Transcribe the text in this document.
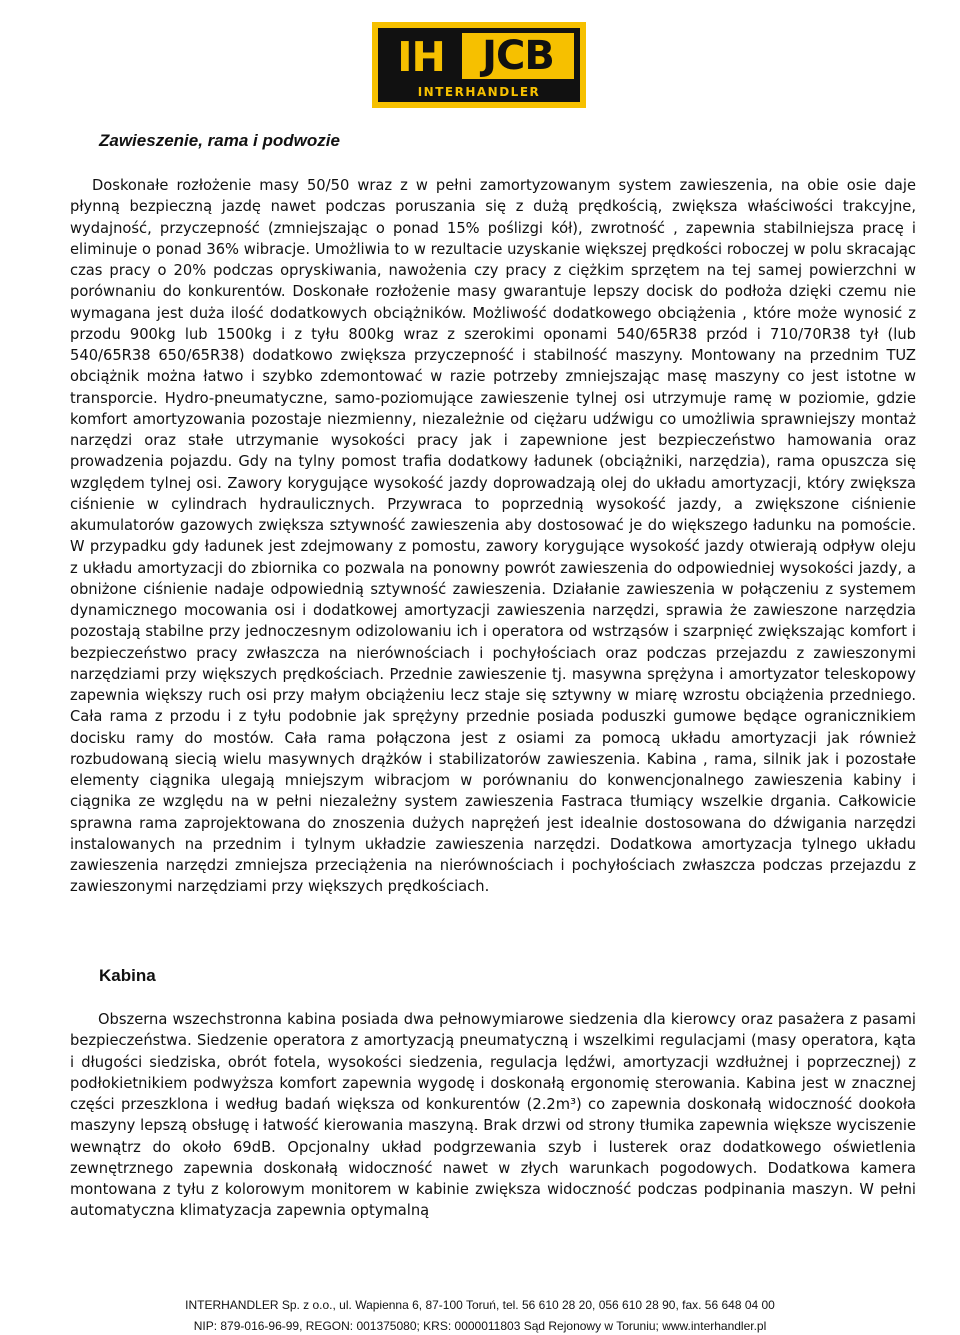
IH JCB
INTERHANDLER
Zawieszenie, rama i podwozie

Doskonałe rozłożenie masy 50/50 wraz z w pełni zamortyzowanym system zawieszenia, na obie osie daje płynną bezpieczną jazdę nawet podczas poruszania się z dużą prędkością, zwiększa właściwości trakcyjne, wydajność, przyczepność (zmniejszając o ponad 15% poślizgi kół), zwrotność , zapewnia stabilniejsza pracę i eliminuje o ponad 36% wibracje. Umożliwia to w rezultacie uzyskanie większej prędkości roboczej w polu skracając czas pracy o 20% podczas opryskiwania, nawożenia czy pracy z ciężkim sprzętem na tej samej powierzchni w porównaniu do konkurentów. Doskonałe rozłożenie masy gwarantuje lepszy docisk do podłoża dzięki czemu nie wymagana jest duża ilość dodatkowych obciążników. Możliwość dodatkowego obciążenia , które może wynosić z przodu 900kg lub 1500kg i z tyłu 800kg wraz z szerokimi oponami 540/65R38 przód i 710/70R38 tył (lub 540/65R38 650/65R38) dodatkowo zwiększa przyczepność i stabilność maszyny. Montowany na przednim TUZ obciążnik można łatwo i szybko zdemontować w razie potrzeby zmniejszając masę maszyny co jest istotne w transporcie. Hydro-pneumatyczne, samo-poziomujące zawieszenie tylnej osi utrzymuje ramę w poziomie, gdzie komfort amortyzowania pozostaje niezmienny, niezależnie od ciężaru udźwigu co umożliwia sprawniejszy montaż narzędzi oraz stałe utrzymanie wysokości pracy jak i zapewnione jest bezpieczeństwo hamowania oraz prowadzenia pojazdu. Gdy na tylny pomost trafia dodatkowy ładunek (obciążniki, narzędzia), rama opuszcza się względem tylnej osi. Zawory korygujące wysokość jazdy doprowadzają olej do układu amortyzacji, który zwiększa ciśnienie w cylindrach hydraulicznych. Przywraca to poprzednią wysokość jazdy, a zwiększone ciśnienie akumulatorów gazowych zwiększa sztywność zawieszenia aby dostosować je do większego ładunku na pomoście. W przypadku gdy ładunek jest zdejmowany z pomostu, zawory korygujące wysokość jazdy otwierają odpływ oleju z układu amortyzacji do zbiornika co pozwala na ponowny powrót zawieszenia do odpowiedniej wysokości jazdy, a obniżone ciśnienie nadaje odpowiednią sztywność zawieszenia. Działanie zawieszenia w połączeniu z systemem dynamicznego mocowania osi i dodatkowej amortyzacji zawieszenia narzędzi, sprawia że zawieszone narzędzia pozostają stabilne przy jednoczesnym odizolowaniu ich i operatora od wstrząsów i szarpnięć zwiększając komfort i bezpieczeństwo pracy zwłaszcza na nierównościach i pochyłościach oraz podczas przejazdu z zawieszonymi narzędziami przy większych prędkościach. Przednie zawieszenie tj. masywna sprężyna i amortyzator teleskopowy zapewnia większy ruch osi przy małym obciążeniu lecz staje się sztywny w miarę wzrostu obciążenia przedniego. Cała rama z przodu i z tyłu podobnie jak sprężyny przednie posiada poduszki gumowe będące ogranicznikiem docisku ramy do mostów. Cała rama połączona jest z osiami za pomocą układu amortyzacji jak również rozbudowaną siecią wielu masywnych drążków i stabilizatorów zawieszenia. Kabina , rama, silnik jak i pozostałe elementy ciągnika ulegają mniejszym wibracjom w porównaniu do konwencjonalnego zawieszenia kabiny i ciągnika ze względu na w pełni niezależny system zawieszenia Fastraca tłumiący wszelkie drgania. Całkowicie sprawna rama zaprojektowana do znoszenia dużych naprężeń jest idealnie dostosowana do dźwigania narzędzi instalowanych na przednim i tylnym układzie zawieszenia narzędzi. Dodatkowa amortyzacja tylnego układu zawieszenia narzędzi zmniejsza przeciążenia na nierównościach i pochyłościach zwłaszcza podczas przejazdu z zawieszonymi narzędziami przy większych prędkościach.

Kabina

Obszerna wszechstronna kabina posiada dwa pełnowymiarowe siedzenia dla kierowcy oraz pasażera z pasami bezpieczeństwa. Siedzenie operatora z amortyzacją pneumatyczną i wszelkimi regulacjami (masy operatora, kąta i długości siedziska, obrót fotela, wysokości siedzenia, regulacja lędźwi, amortyzacji wzdłużnej i poprzecznej) z podłokietnikiem podwyższa komfort zapewnia wygodę i doskonałą ergonomię sterowania. Kabina jest w znacznej części przeszklona i według badań większa od konkurentów (2.2m³) co zapewnia doskonałą widoczność dookoła maszyny lepszą obsługę i łatwość kierowania maszyną. Brak drzwi od strony tłumika zapewnia większe wyciszenie wewnątrz do około 69dB. Opcjonalny układ podgrzewania szyb i lusterek oraz dodatkowego oświetlenia zewnętrznego zapewnia doskonałą widoczność nawet w złych warunkach pogodowych. Dodatkowa kamera montowana z tyłu z kolorowym monitorem w kabinie zwiększa widoczność podczas podpinania maszyn. W pełni automatyczna klimatyzacja zapewnia optymalną

INTERHANDLER Sp. z o.o., ul. Wapienna 6, 87-100 Toruń, tel. 56 610 28 20, 056 610 28 90, fax. 56 648 04 00

NIP: 879-016-96-99, REGON: 001375080; KRS: 0000011803 Sąd Rejonowy w Toruniu; www.interhandler.pl
